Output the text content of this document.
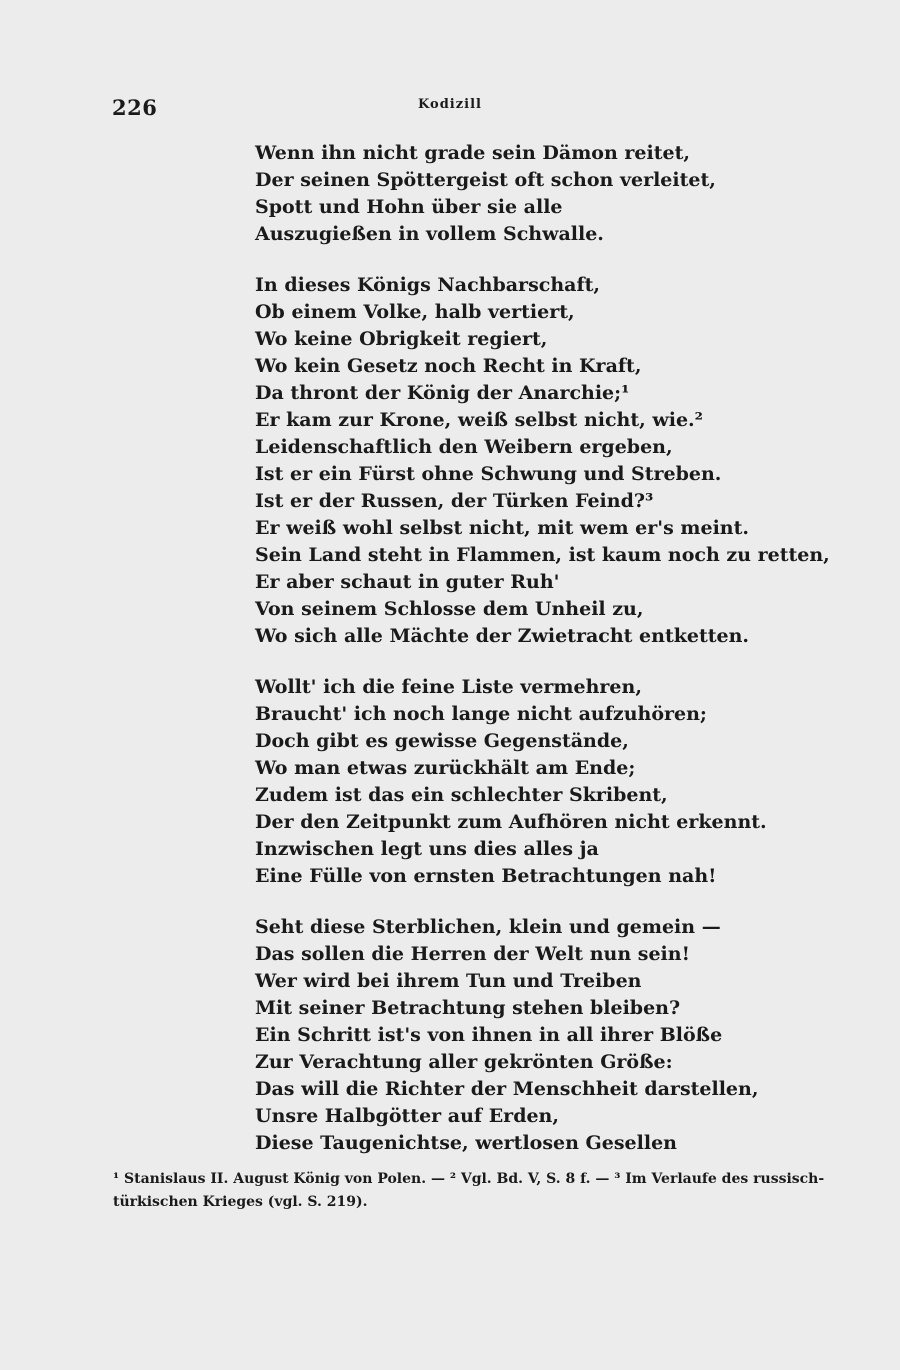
226	Kodizill
Wenn ihn nicht grade sein Dämon reitet,
Der seinen Spöttergeist oft schon verleitet,
Spott und Hohn über sie alle
Auszugießen in vollem Schwalle.
In dieses Königs Nachbarschaft,
Ob einem Volke, halb vertiert,
Wo keine Obrigkeit regiert,
Wo kein Gesetz noch Recht in Kraft,
Da thront der König der Anarchie;¹
Er kam zur Krone, weiß selbst nicht, wie.²
Leidenschaftlich den Weibern ergeben,
Ist er ein Fürst ohne Schwung und Streben.
Ist er der Russen, der Türken Feind?³
Er weiß wohl selbst nicht, mit wem er's meint.
Sein Land steht in Flammen, ist kaum noch zu retten,
Er aber schaut in guter Ruh'
Von seinem Schlosse dem Unheil zu,
Wo sich alle Mächte der Zwietracht entketten.
Wollt' ich die feine Liste vermehren,
Braucht' ich noch lange nicht aufzuhören;
Doch gibt es gewisse Gegenstände,
Wo man etwas zurückhält am Ende;
Zudem ist das ein schlechter Skribent,
Der den Zeitpunkt zum Aufhören nicht erkennt.
Inzwischen legt uns dies alles ja
Eine Fülle von ernsten Betrachtungen nah!
Seht diese Sterblichen, klein und gemein —
Das sollen die Herren der Welt nun sein!
Wer wird bei ihrem Tun und Treiben
Mit seiner Betrachtung stehen bleiben?
Ein Schritt ist's von ihnen in all ihrer Blöße
Zur Verachtung aller gekrönten Größe:
Das will die Richter der Menschheit darstellen,
Unsre Halbgötter auf Erden,
Diese Taugenichtse, wertlosen Gesellen
¹ Stanislaus II. August König von Polen. — ² Vgl. Bd. V, S. 8 f. — ³ Im Verlaufe des russisch-
türkischen Krieges (vgl. S. 219).
